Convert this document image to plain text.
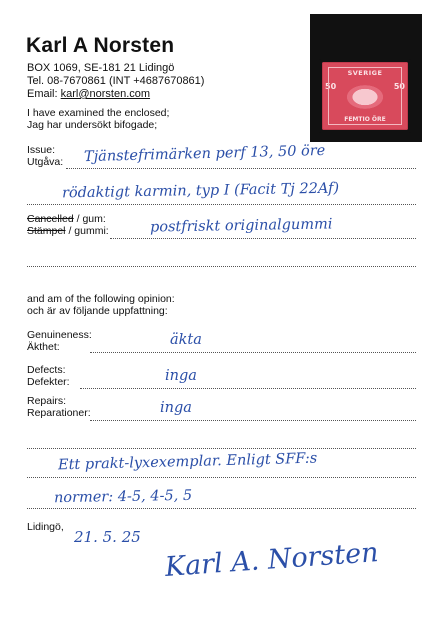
Karl A Norsten
BOX 1069, SE-181 21 Lidingö
Tel. 08-7670861 (INT +4687670861)
Email: karl@norsten.com
50	50
SVERIGE
FEMTIO ÖRE
I have examined the enclosed;
Jag har undersökt bifogade;
Issue:
Utgåva: Tjänstefrimärken perf 13, 50 öre
rödaktigt karmin, typ I (Facit Tj 22Af)
Cancelled / gum:
Stämpel / gummi:	postfriskt originalgummi
and am of the following opinion:
och är av följande uppfattning:
Genuineness:
Äkthet:	äkta
Defects:
Defekter:	inga
Repairs:
Reparationer:	inga
Ett prakt-lyxexemplar. Enligt SFF:s
normer: 4-5, 4-5, 5
Lidingö,
21. 5. 25
Karl A. Norsten
